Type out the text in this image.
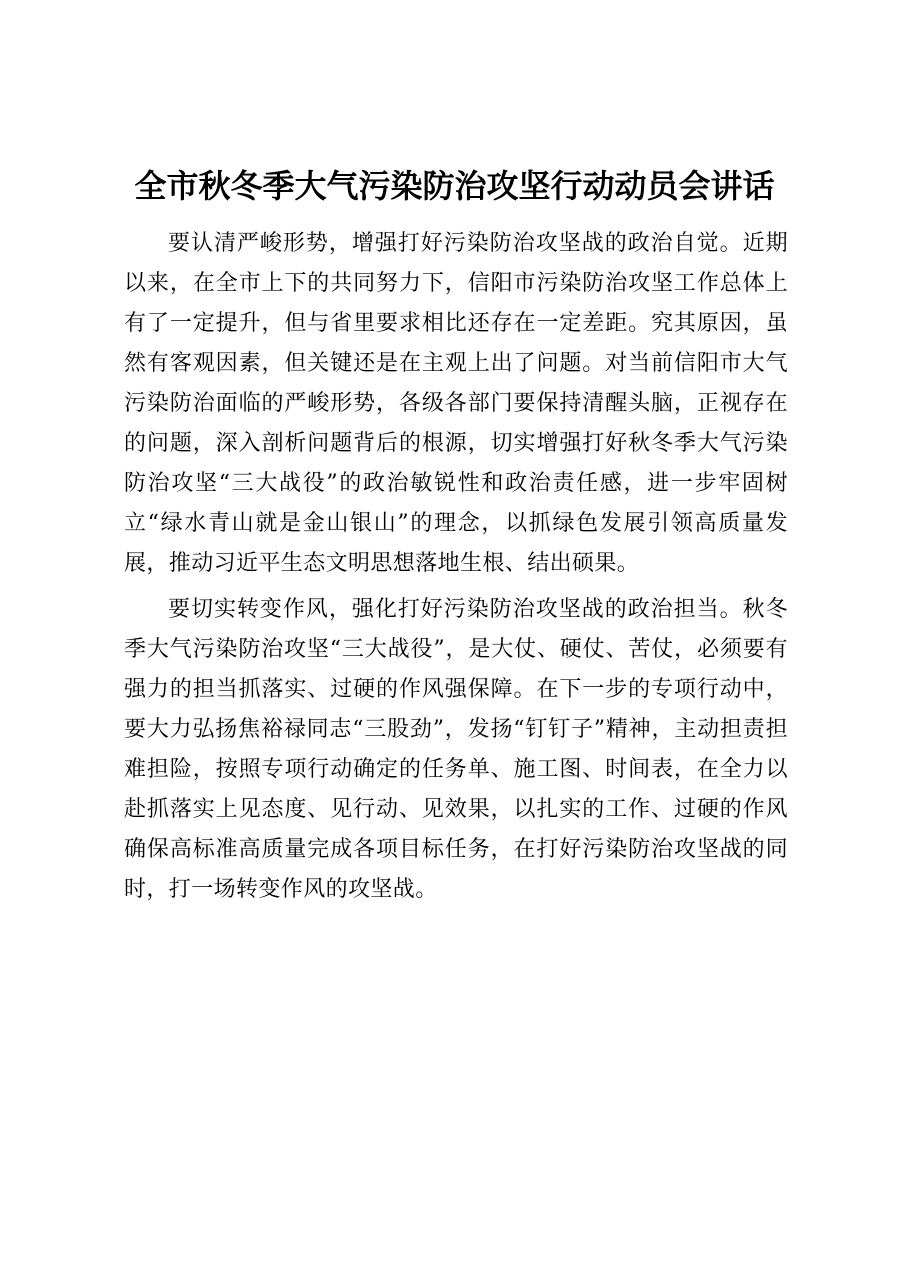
全市秋冬季大气污染防治攻坚行动动员会讲话

要认清严峻形势，增强打好污染防治攻坚战的政治自觉。近期以来，在全市上下的共同努力下，信阳市污染防治攻坚工作总体上有了一定提升，但与省里要求相比还存在一定差距。究其原因，虽然有客观因素，但关键还是在主观上出了问题。对当前信阳市大气污染防治面临的严峻形势，各级各部门要保持清醒头脑，正视存在的问题，深入剖析问题背后的根源，切实增强打好秋冬季大气污染防治攻坚“三大战役”的政治敏锐性和政治责任感，进一步牢固树立“绿水青山就是金山银山”的理念，以抓绿色发展引领高质量发展，推动习近平生态文明思想落地生根、结出硕果。

要切实转变作风，强化打好污染防治攻坚战的政治担当。秋冬季大气污染防治攻坚“三大战役”，是大仗、硬仗、苦仗，必须要有强力的担当抓落实、过硬的作风强保障。在下一步的专项行动中，要大力弘扬焦裕禄同志“三股劲”，发扬“钉钉子”精神，主动担责担难担险，按照专项行动确定的任务单、施工图、时间表，在全力以赴抓落实上见态度、见行动、见效果，以扎实的工作、过硬的作风确保高标准高质量完成各项目标任务，在打好污染防治攻坚战的同时，打一场转变作风的攻坚战。
